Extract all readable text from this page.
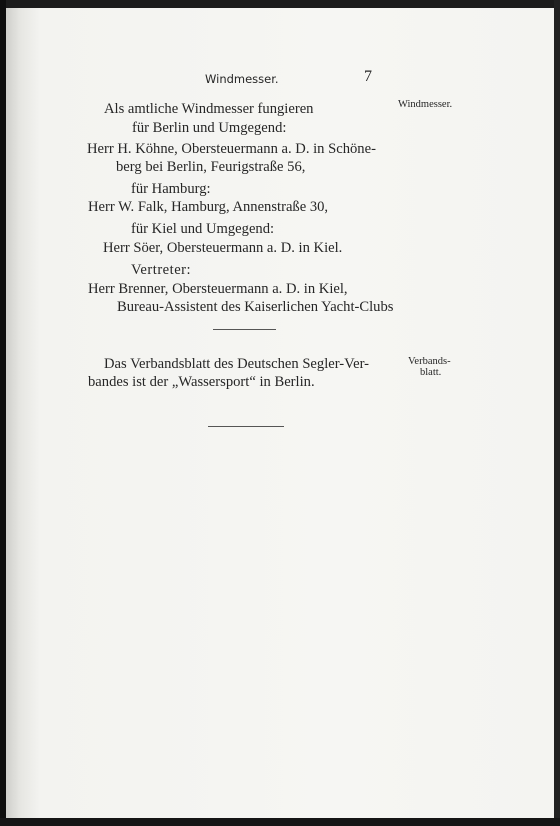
Windmesser.	7
Windmesser.
Verbands-
blatt.
Als amtliche Windmesser fungieren
für Berlin und Umgegend:
Herr H. Köhne, Obersteuermann a. D. in Schöne-
berg bei Berlin, Feurigstraße 56,
für Hamburg:
Herr W. Falk, Hamburg, Annenstraße 30,
für Kiel und Umgegend:
Herr Söer, Obersteuermann a. D. in Kiel.
Vertreter:
Herr Brenner, Obersteuermann a. D. in Kiel,
Bureau-Assistent des Kaiserlichen Yacht-Clubs
Das Verbandsblatt des Deutschen Segler-Ver-
bandes ist der „Wassersport“ in Berlin.
